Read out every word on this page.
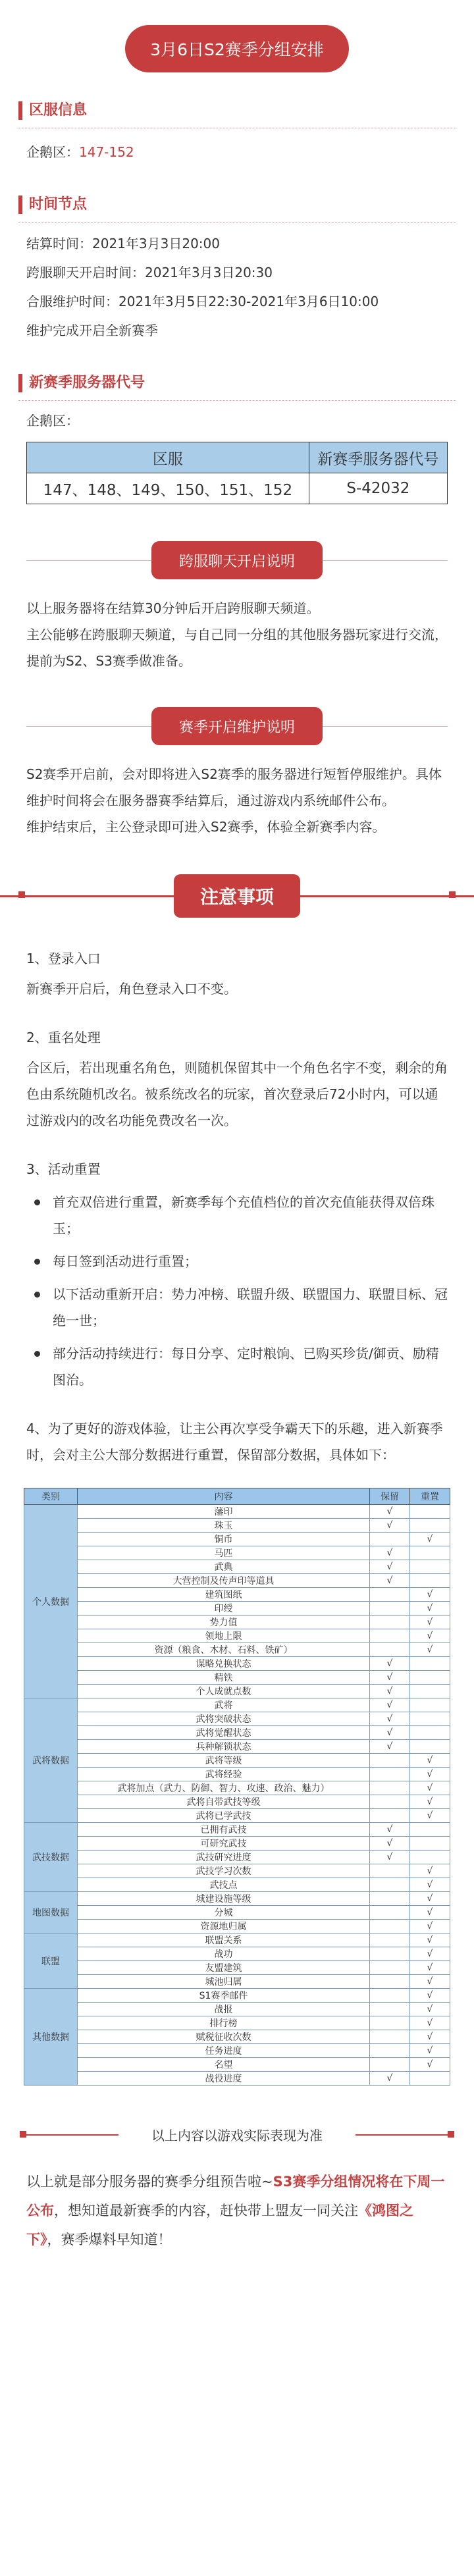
3月6日S2赛季分组安排
区服信息

企鹅区：147-152

时间节点

结算时间：2021年3月3日20:00

跨服聊天开启时间：2021年3月3日20:30

合服维护时间：2021年3月5日22:30-2021年3月6日10:00

维护完成开启全新赛季

新赛季服务器代号

企鹅区：

区服	新赛季服务器代号
147、148、149、150、151、152	S-42032
跨服聊天开启说明

以上服务器将在结算30分钟后开启跨服聊天频道。

主公能够在跨服聊天频道，与自己同一分组的其他服务器玩家进行交流，提前为S2、S3赛季做准备。

赛季开启维护说明

S2赛季开启前，会对即将进入S2赛季的服务器进行短暂停服维护。具体维护时间将会在服务器赛季结算后，通过游戏内系统邮件公布。

维护结束后，主公登录即可进入S2赛季，体验全新赛季内容。

注意事项

1、登录入口

新赛季开启后，角色登录入口不变。

2、重名处理

合区后，若出现重名角色，则随机保留其中一个角色名字不变，剩余的角色由系统随机改名。被系统改名的玩家，首次登录后72小时内，可以通过游戏内的改名功能免费改名一次。

3、活动重置

首充双倍进行重置，新赛季每个充值档位的首次充值能获得双倍珠玉；

每日签到活动进行重置；

以下活动重新开启：势力冲榜、联盟升级、联盟国力、联盟目标、冠绝一世；

部分活动持续进行：每日分享、定时粮饷、已购买珍货/御贡、励精图治。

4、为了更好的游戏体验，让主公再次享受争霸天下的乐趣，进入新赛季时，会对主公大部分数据进行重置，保留部分数据，具体如下：

类别	内容	保留	重置
个人数据	藩印	√	
	珠玉	√	
	铜币		√
	马匹	√	
	武典	√	
	大营控制及传声印等道具	√	
	建筑图纸		√
	印绶		√
	势力值		√
	领地上限		√
	资源（粮食、木材、石料、铁矿）		√
	谋略兑换状态	√	
	精铁	√	
	个人成就点数	√	
武将数据	武将	√	
	武将突破状态	√	
	武将觉醒状态	√	
	兵种解锁状态	√	
	武将等级		√
	武将经验		√
	武将加点（武力、防御、智力、攻速、政治、魅力）		√
	武将自带武技等级		√
	武将已学武技		√
武技数据	已拥有武技	√	
	可研究武技	√	
	武技研究进度	√	
	武技学习次数		√
	武技点		√
地图数据	城建设施等级		√
	分城		√
	资源地归属		√
联盟	联盟关系		√
	战功		√
	友盟建筑		√
	城池归属		√
其他数据	S1赛季邮件		√
	战报		√
	排行榜		√
	赋税征收次数		√
	任务进度		√
	名望		√
	战役进度	√	
以上内容以游戏实际表现为准

以上就是部分服务器的赛季分组预告啦~S3赛季分组情况将在下周一公布，想知道最新赛季的内容，赶快带上盟友一同关注《鸿图之下》，赛季爆料早知道！
